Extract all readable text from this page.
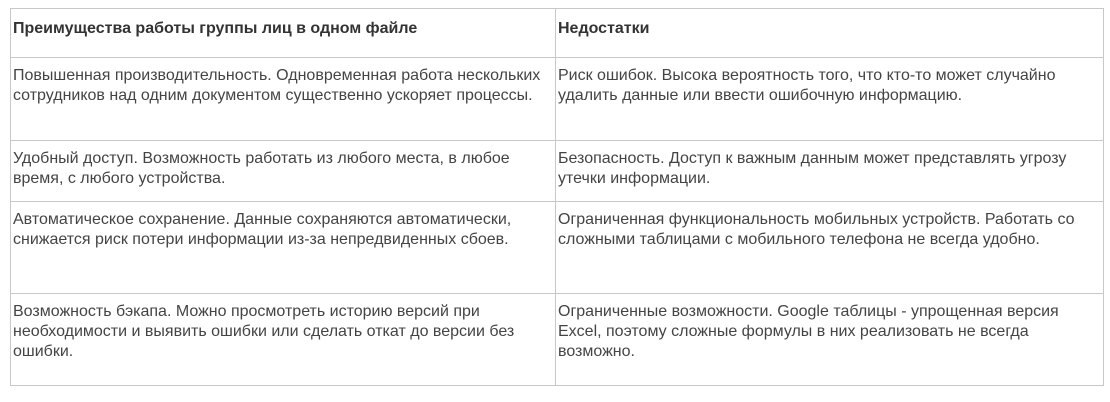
Преимущества работы группы лиц в одном файле	Недостатки
Повышенная производительность. Одновременная работа нескольких сотрудников над одним документом существенно ускоряет процессы.	Риск ошибок. Высока вероятность того, что кто-то может случайно удалить данные или ввести ошибочную информацию.
Удобный доступ. Возможность работать из любого места, в любое время, с любого устройства.	Безопасность. Доступ к важным данным может представлять угрозу утечки информации.
Автоматическое сохранение. Данные сохраняются автоматически, снижается риск потери информации из-за непредвиденных сбоев.	Ограниченная функциональность мобильных устройств. Работать со сложными таблицами с мобильного телефона не всегда удобно.
Возможность бэкапа. Можно просмотреть историю версий при необходимости и выявить ошибки или сделать откат до версии без ошибки.	Ограниченные возможности. Google таблицы - упрощенная версия Excel, поэтому сложные формулы в них реализовать не всегда возможно.
